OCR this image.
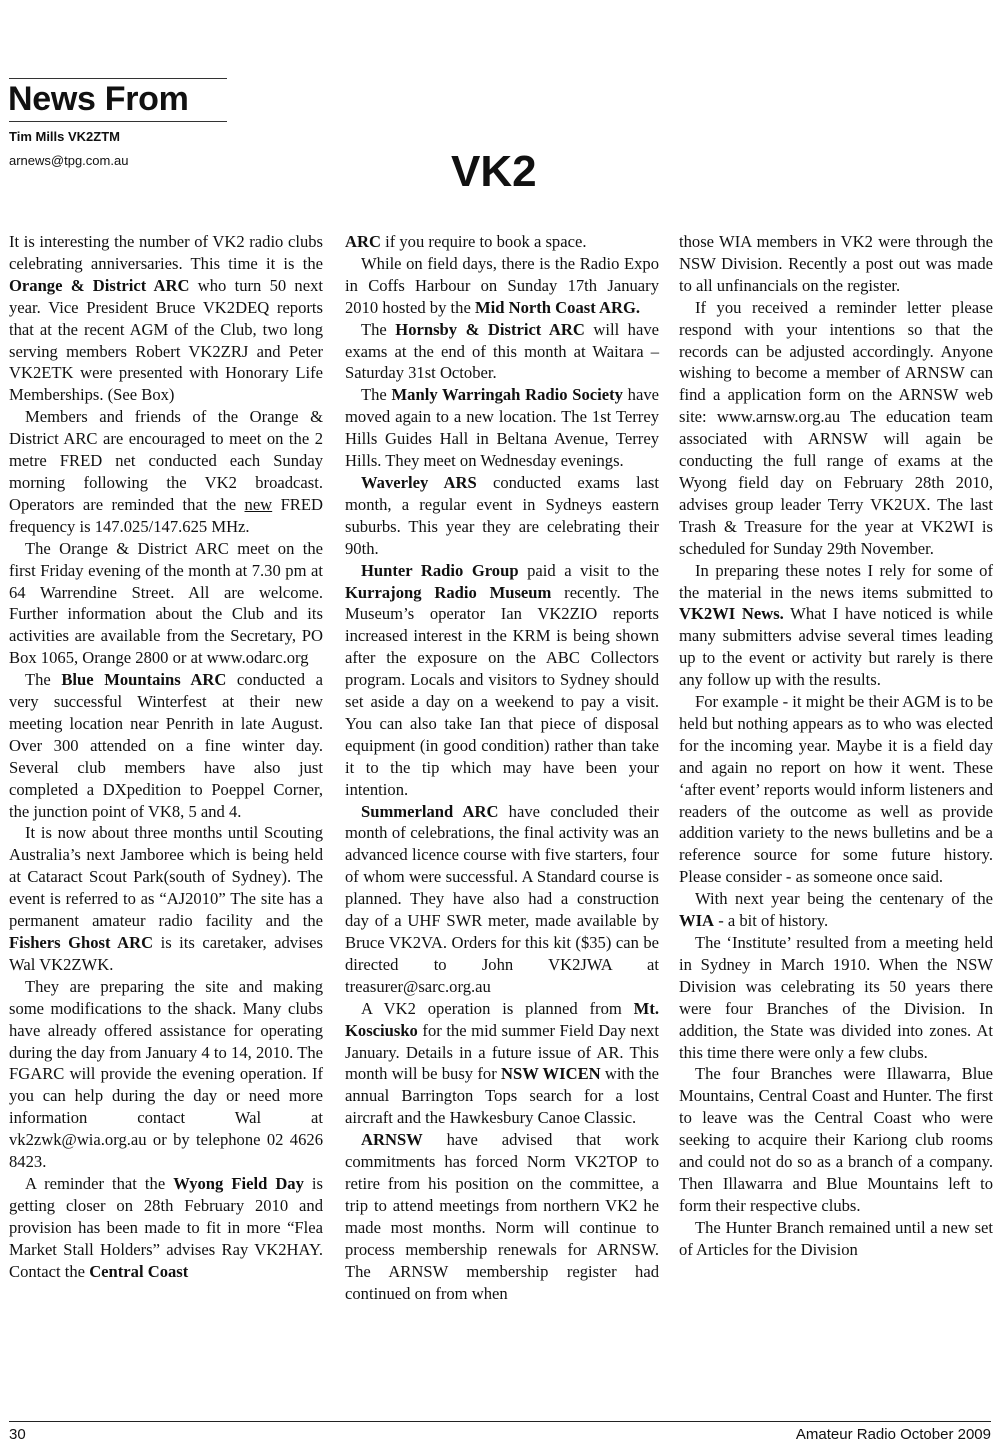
News From
Tim Mills VK2ZTM
arnews@tpg.com.au	VK2

It is interesting the number of VK2 radio clubs celebrating anniversaries. This time it is the Orange & District ARC who turn 50 next year. Vice President Bruce VK2DEQ reports that at the recent AGM of the Club, two long serving members Robert VK2ZRJ and Peter VK2ETK were presented with Honorary Life Memberships. (See Box)

Members and friends of the Orange & District ARC are encouraged to meet on the 2 metre FRED net conducted each Sunday morning following the VK2 broadcast. Operators are reminded that the new FRED frequency is 147.025/147.625 MHz.

The Orange & District ARC meet on the first Friday evening of the month at 7.30 pm at 64 Warrendine Street. All are welcome. Further information about the Club and its activities are available from the Secretary, PO Box 1065, Orange 2800 or at www.odarc.org

The Blue Mountains ARC conducted a very successful Winterfest at their new meeting location near Penrith in late August. Over 300 attended on a fine winter day. Several club members have also just completed a DXpedition to Poeppel Corner, the junction point of VK8, 5 and 4.

It is now about three months until Scouting Australia’s next Jamboree which is being held at Cataract Scout Park(south of Sydney). The event is referred to as “AJ2010” The site has a permanent amateur radio facility and the Fishers Ghost ARC is its caretaker, advises Wal VK2ZWK.

They are preparing the site and making some modifications to the shack. Many clubs have already offered assistance for operating during the day from January 4 to 14, 2010. The FGARC will provide the evening operation. If you can help during the day or need more information contact Wal at vk2zwk@wia.org.au or by telephone 02 4626 8423.

A reminder that the Wyong Field Day is getting closer on 28th February 2010 and provision has been made to fit in more “Flea Market Stall Holders” advises Ray VK2HAY. Contact the Central Coast

ARC if you require to book a space.

While on field days, there is the Radio Expo in Coffs Harbour on Sunday 17th January 2010 hosted by the Mid North Coast ARG.

The Hornsby & District ARC will have exams at the end of this month at Waitara – Saturday 31st October.

The Manly Warringah Radio Society have moved again to a new location. The 1st Terrey Hills Guides Hall in Beltana Avenue, Terrey Hills. They meet on Wednesday evenings.

Waverley ARS conducted exams last month, a regular event in Sydneys eastern suburbs. This year they are celebrating their 90th.

Hunter Radio Group paid a visit to the Kurrajong Radio Museum recently. The Museum’s operator Ian VK2ZIO reports increased interest in the KRM is being shown after the exposure on the ABC Collectors program. Locals and visitors to Sydney should set aside a day on a weekend to pay a visit. You can also take Ian that piece of disposal equipment (in good condition) rather than take it to the tip which may have been your intention.

Summerland ARC have concluded their month of celebrations, the final activity was an advanced licence course with five starters, four of whom were successful. A Standard course is planned. They have also had a construction day of a UHF SWR meter, made available by Bruce VK2VA. Orders for this kit ($35) can be directed to John VK2JWA at treasurer@sarc.org.au

A VK2 operation is planned from Mt. Kosciusko for the mid summer Field Day next January. Details in a future issue of AR. This month will be busy for NSW WICEN with the annual Barrington Tops search for a lost aircraft and the Hawkesbury Canoe Classic.

ARNSW have advised that work commitments has forced Norm VK2TOP to retire from his position on the committee, a trip to attend meetings from northern VK2 he made most months. Norm will continue to process membership renewals for ARNSW. The ARNSW membership register had continued on from when

those WIA members in VK2 were through the NSW Division. Recently a post out was made to all unfinancials on the register.

If you received a reminder letter please respond with your intentions so that the records can be adjusted accordingly. Anyone wishing to become a member of ARNSW can find a application form on the ARNSW web site: www.arnsw.org.au The education team associated with ARNSW will again be conducting the full range of exams at the Wyong field day on February 28th 2010, advises group leader Terry VK2UX. The last Trash & Treasure for the year at VK2WI is scheduled for Sunday 29th November.

In preparing these notes I rely for some of the material in the news items submitted to VK2WI News. What I have noticed is while many submitters advise several times leading up to the event or activity but rarely is there any follow up with the results.

For example - it might be their AGM is to be held but nothing appears as to who was elected for the incoming year. Maybe it is a field day and again no report on how it went. These ‘after event’ reports would inform listeners and readers of the outcome as well as provide addition variety to the news bulletins and be a reference source for some future history. Please consider - as someone once said.

With next year being the centenary of the WIA - a bit of history.

The ‘Institute’ resulted from a meeting held in Sydney in March 1910. When the NSW Division was celebrating its 50 years there were four Branches of the Division. In addition, the State was divided into zones. At this time there were only a few clubs.

The four Branches were Illawarra, Blue Mountains, Central Coast and Hunter. The first to leave was the Central Coast who were seeking to acquire their Kariong club rooms and could not do so as a branch of a company. Then Illawarra and Blue Mountains left to form their respective clubs.

The Hunter Branch remained until a new set of Articles for the Division

30	Amateur Radio October 2009
